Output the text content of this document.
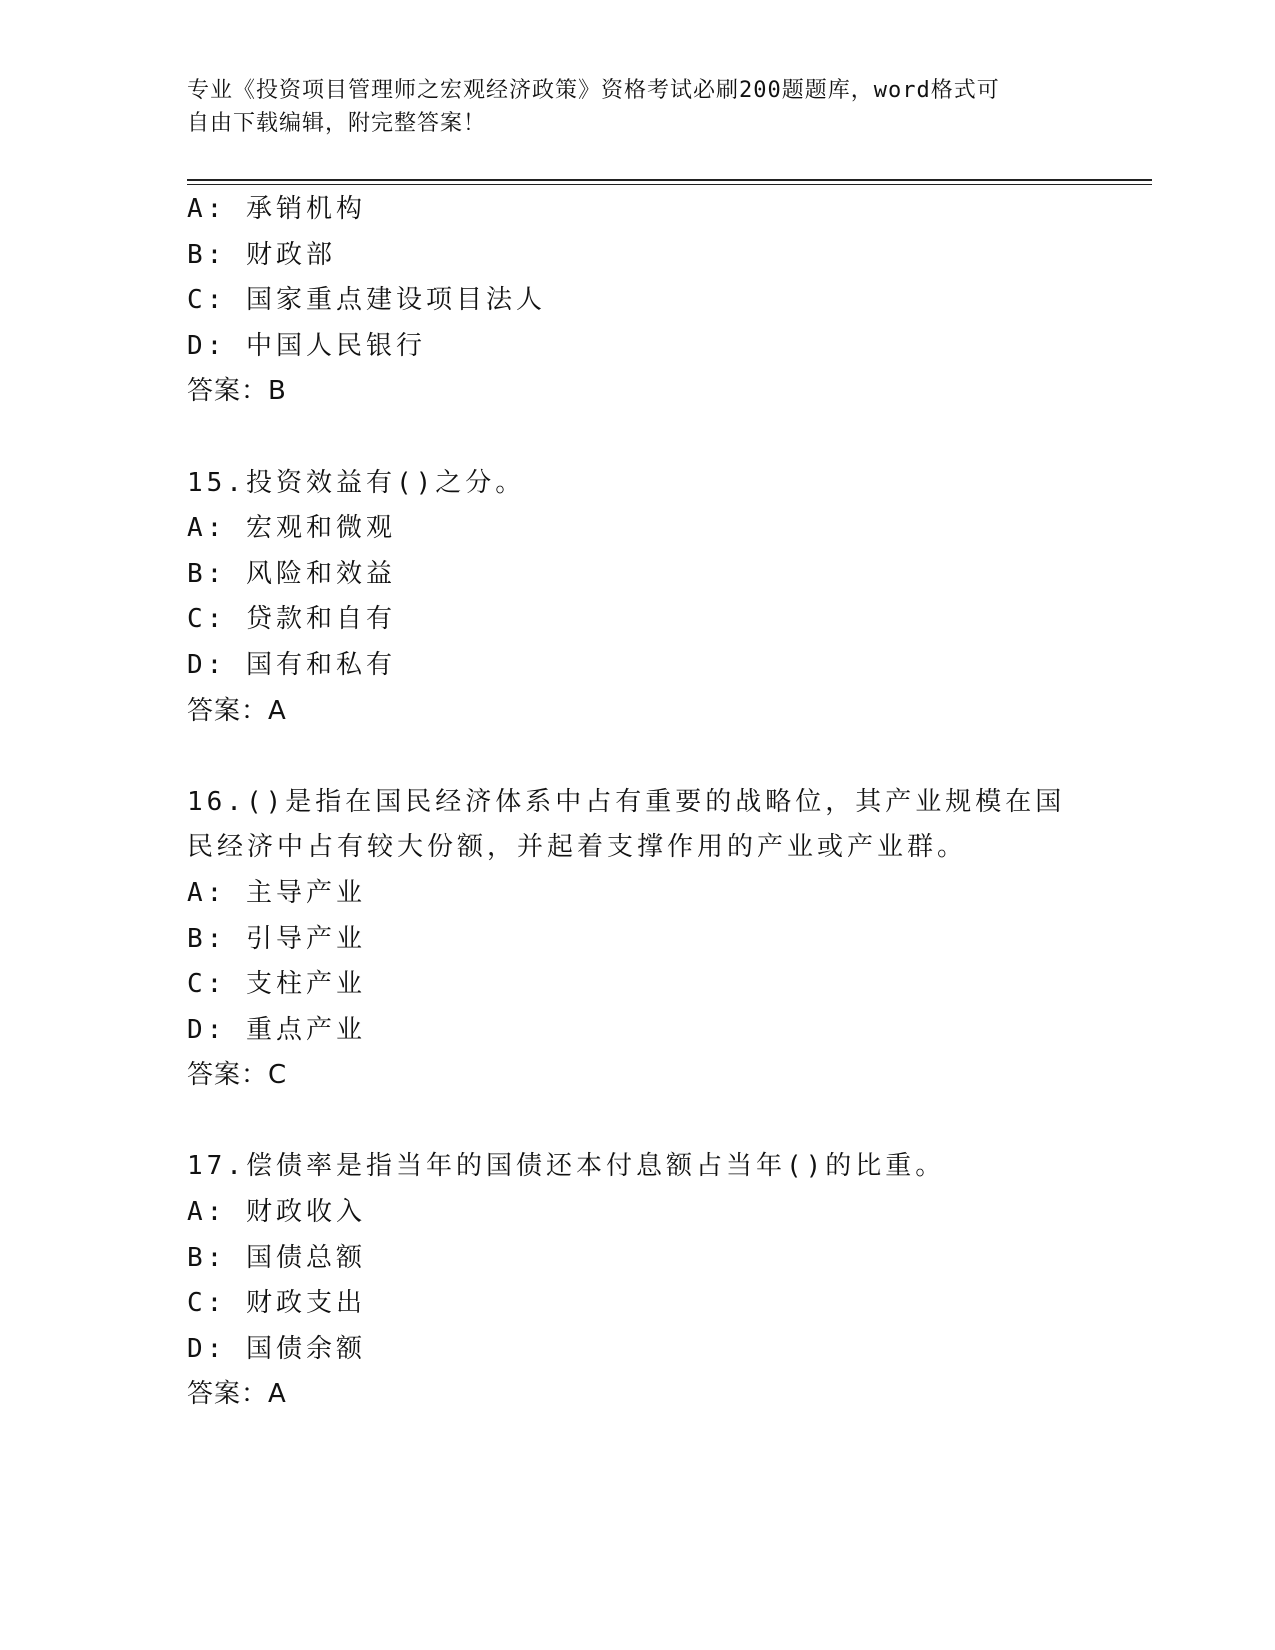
专业《投资项目管理师之宏观经济政策》资格考试必刷200题题库，word格式可
自由下载编辑，附完整答案！
A: 承销机构
B: 财政部
C: 国家重点建设项目法人
D: 中国人民银行
答案：B
15.投资效益有()之分。
A: 宏观和微观
B: 风险和效益
C: 贷款和自有
D: 国有和私有
答案：A
16.()是指在国民经济体系中占有重要的战略位，其产业规模在国民经济中占有较大份额，并起着支撑作用的产业或产业群。
A: 主导产业
B: 引导产业
C: 支柱产业
D: 重点产业
答案：C
17.偿债率是指当年的国债还本付息额占当年()的比重。
A: 财政收入
B: 国债总额
C: 财政支出
D: 国债余额
答案：A
